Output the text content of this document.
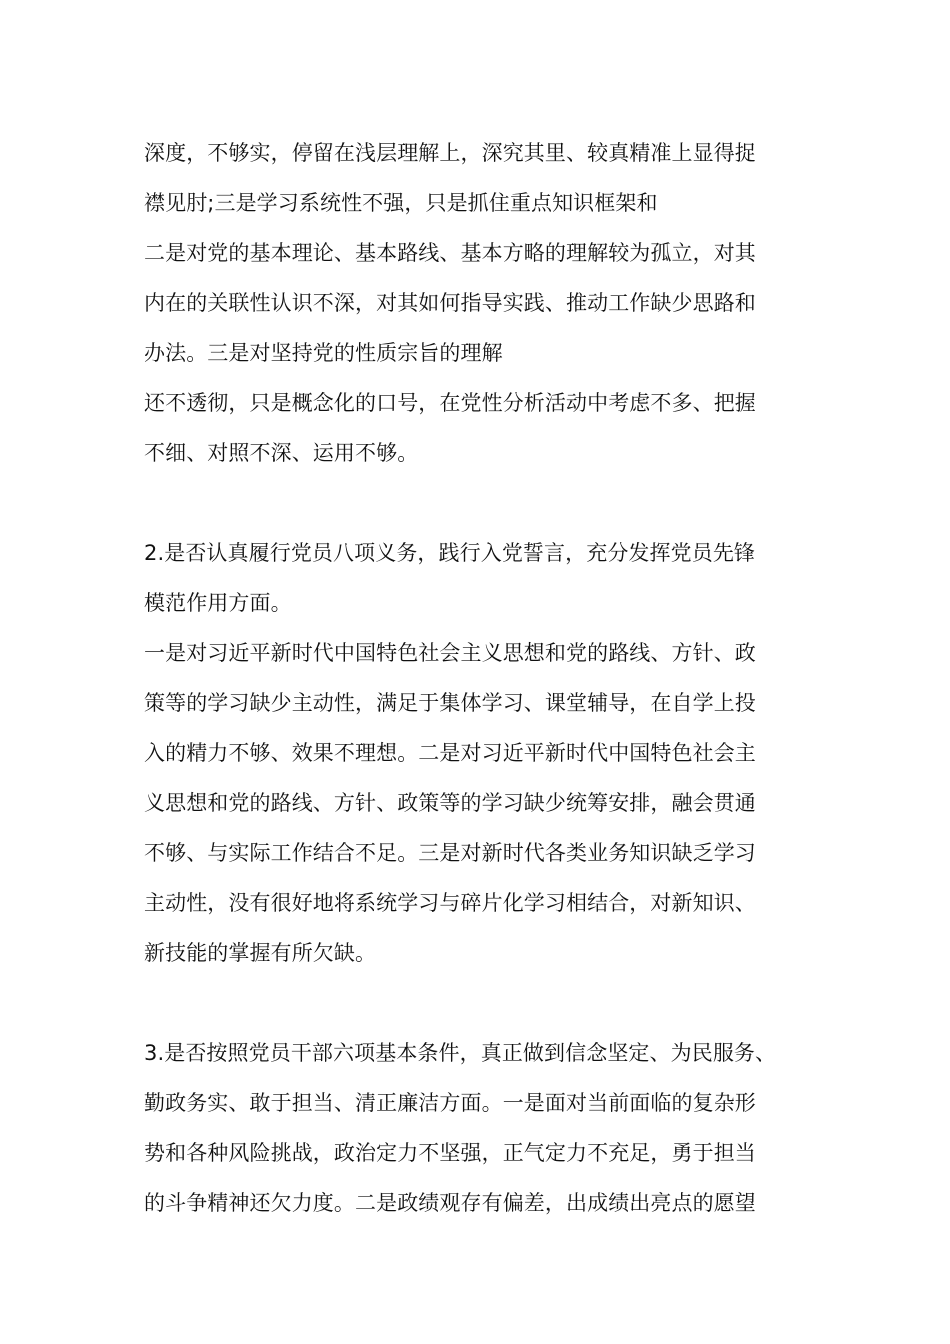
深度，不够实，停留在浅层理解上，深究其里、较真精准上显得捉
襟见肘;三是学习系统性不强，只是抓住重点知识框架和
二是对党的基本理论、基本路线、基本方略的理解较为孤立，对其
内在的关联性认识不深，对其如何指导实践、推动工作缺少思路和
办法。三是对坚持党的性质宗旨的理解
还不透彻，只是概念化的口号，在党性分析活动中考虑不多、把握
不细、对照不深、运用不够。
2.是否认真履行党员八项义务，践行入党誓言，充分发挥党员先锋
模范作用方面。
一是对习近平新时代中国特色社会主义思想和党的路线、方针、政
策等的学习缺少主动性，满足于集体学习、课堂辅导，在自学上投
入的精力不够、效果不理想。二是对习近平新时代中国特色社会主
义思想和党的路线、方针、政策等的学习缺少统筹安排，融会贯通
不够、与实际工作结合不足。三是对新时代各类业务知识缺乏学习
主动性，没有很好地将系统学习与碎片化学习相结合，对新知识、
新技能的掌握有所欠缺。
3.是否按照党员干部六项基本条件，真正做到信念坚定、为民服务、
勤政务实、敢于担当、清正廉洁方面。一是面对当前面临的复杂形
势和各种风险挑战，政治定力不坚强，正气定力不充足，勇于担当
的斗争精神还欠力度。二是政绩观存有偏差，出成绩出亮点的愿望
